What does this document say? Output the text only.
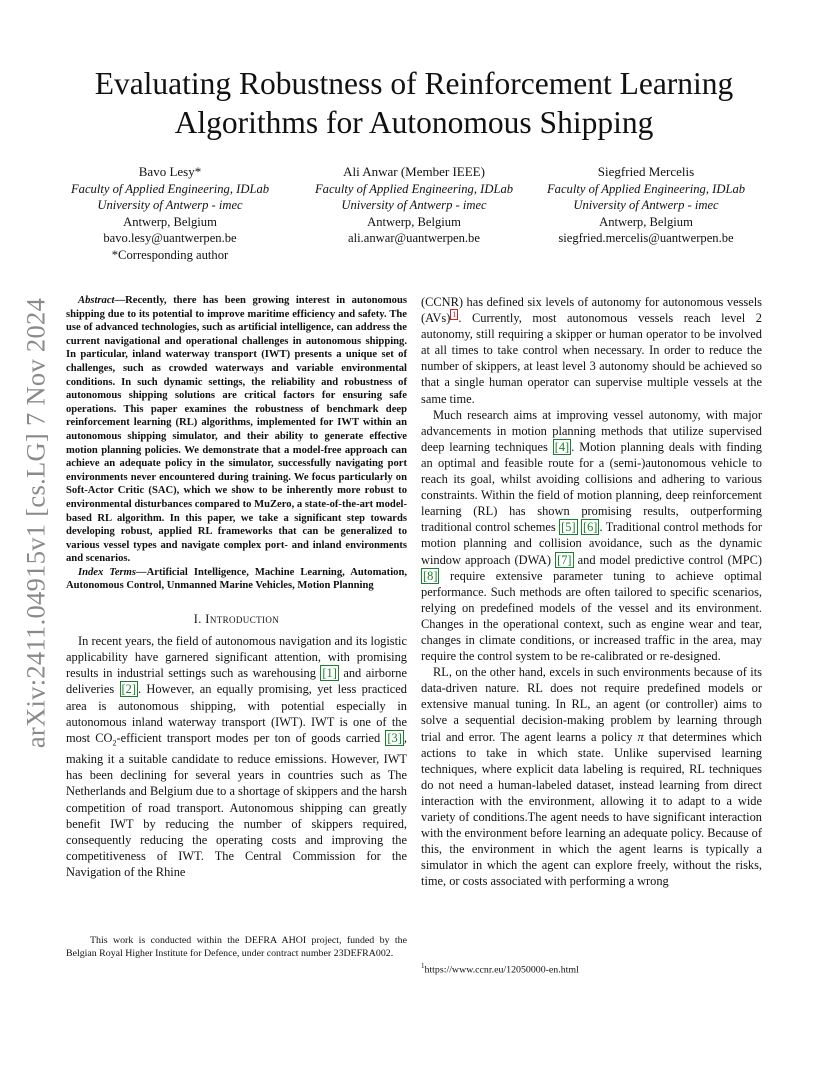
arXiv:2411.04915v1 [cs.LG] 7 Nov 2024
Evaluating Robustness of Reinforcement Learning Algorithms for Autonomous Shipping
Bavo Lesy*
Faculty of Applied Engineering, IDLab
University of Antwerp - imec
Antwerp, Belgium
bavo.lesy@uantwerpen.be
*Corresponding author
Ali Anwar (Member IEEE)
Faculty of Applied Engineering, IDLab
University of Antwerp - imec
Antwerp, Belgium
ali.anwar@uantwerpen.be
Siegfried Mercelis
Faculty of Applied Engineering, IDLab
University of Antwerp - imec
Antwerp, Belgium
siegfried.mercelis@uantwerpen.be

Abstract—Recently, there has been growing interest in autonomous shipping due to its potential to improve maritime efficiency and safety. The use of advanced technologies, such as artificial intelligence, can address the current navigational and operational challenges in autonomous shipping. In particular, inland waterway transport (IWT) presents a unique set of challenges, such as crowded waterways and variable environmental conditions. In such dynamic settings, the reliability and robustness of autonomous shipping solutions are critical factors for ensuring safe operations. This paper examines the robustness of benchmark deep reinforcement learning (RL) algorithms, implemented for IWT within an autonomous shipping simulator, and their ability to generate effective motion planning policies. We demonstrate that a model-free approach can achieve an adequate policy in the simulator, successfully navigating port environments never encountered during training. We focus particularly on Soft-Actor Critic (SAC), which we show to be inherently more robust to environmental disturbances compared to MuZero, a state-of-the-art model-based RL algorithm. In this paper, we take a significant step towards developing robust, applied RL frameworks that can be generalized to various vessel types and navigate complex port- and inland environments and scenarios.

Index Terms—Artificial Intelligence, Machine Learning, Automation, Autonomous Control, Unmanned Marine Vehicles, Motion Planning

I. Introduction

In recent years, the field of autonomous navigation and its logistic applicability have garnered significant attention, with promising results in industrial settings such as warehousing [1] and airborne deliveries [2] . However, an equally promising, yet less practiced area is autonomous shipping, with potential especially in autonomous inland waterway transport (IWT). IWT is one of the most $CO_2$-efficient transport modes per ton of goods carried [3] , making it a suitable candidate to reduce emissions. However, IWT has been declining for several years in countries such as The Netherlands and Belgium due to a shortage of skippers and the harsh competition of road transport. Autonomous shipping can greatly benefit IWT by reducing the number of skippers required, consequently reducing the operating costs and improving the competitiveness of IWT. The Central Commission for the Navigation of the Rhine

(CCNR) has defined six levels of autonomy for autonomous vessels (AVs) $^1$ . Currently, most autonomous vessels reach level 2 autonomy, still requiring a skipper or human operator to be involved at all times to take control when necessary. In order to reduce the number of skippers, at least level 3 autonomy should be achieved so that a single human operator can supervise multiple vessels at the same time.

Much research aims at improving vessel autonomy, with major advancements in motion planning methods that utilize supervised deep learning techniques [4] . Motion planning deals with finding an optimal and feasible route for a (semi-)autonomous vehicle to reach its goal, whilst avoiding collisions and adhering to various constraints. Within the field of motion planning, deep reinforcement learning (RL) has shown promising results, outperforming traditional control schemes [5] [6] . Traditional control methods for motion planning and collision avoidance, such as the dynamic window approach (DWA) [7] and model predictive control (MPC) [8] require extensive parameter tuning to achieve optimal performance. Such methods are often tailored to specific scenarios, relying on predefined models of the vessel and its environment. Changes in the operational context, such as engine wear and tear, changes in climate conditions, or increased traffic in the area, may require the control system to be re-calibrated or re-designed.

RL, on the other hand, excels in such environments because of its data-driven nature. RL does not require predefined models or extensive manual tuning. In RL, an agent (or controller) aims to solve a sequential decision-making problem by learning through trial and error. The agent learns a policy π that determines which actions to take in which state. Unlike supervised learning techniques, where explicit data labeling is required, RL techniques do not need a human-labeled dataset, instead learning from direct interaction with the environment, allowing it to adapt to a wide variety of conditions.The agent needs to have significant interaction with the environment before learning an adequate policy. Because of this, the environment in which the agent learns is typically a simulator in which the agent can explore freely, without the risks, time, or costs associated with performing a wrong

This work is conducted within the DEFRA AHOI project, funded by the Belgian Royal Higher Institute for Defence, under contract number 23DEFRA002.
$^1$https://www.ccnr.eu/12050000-en.html
